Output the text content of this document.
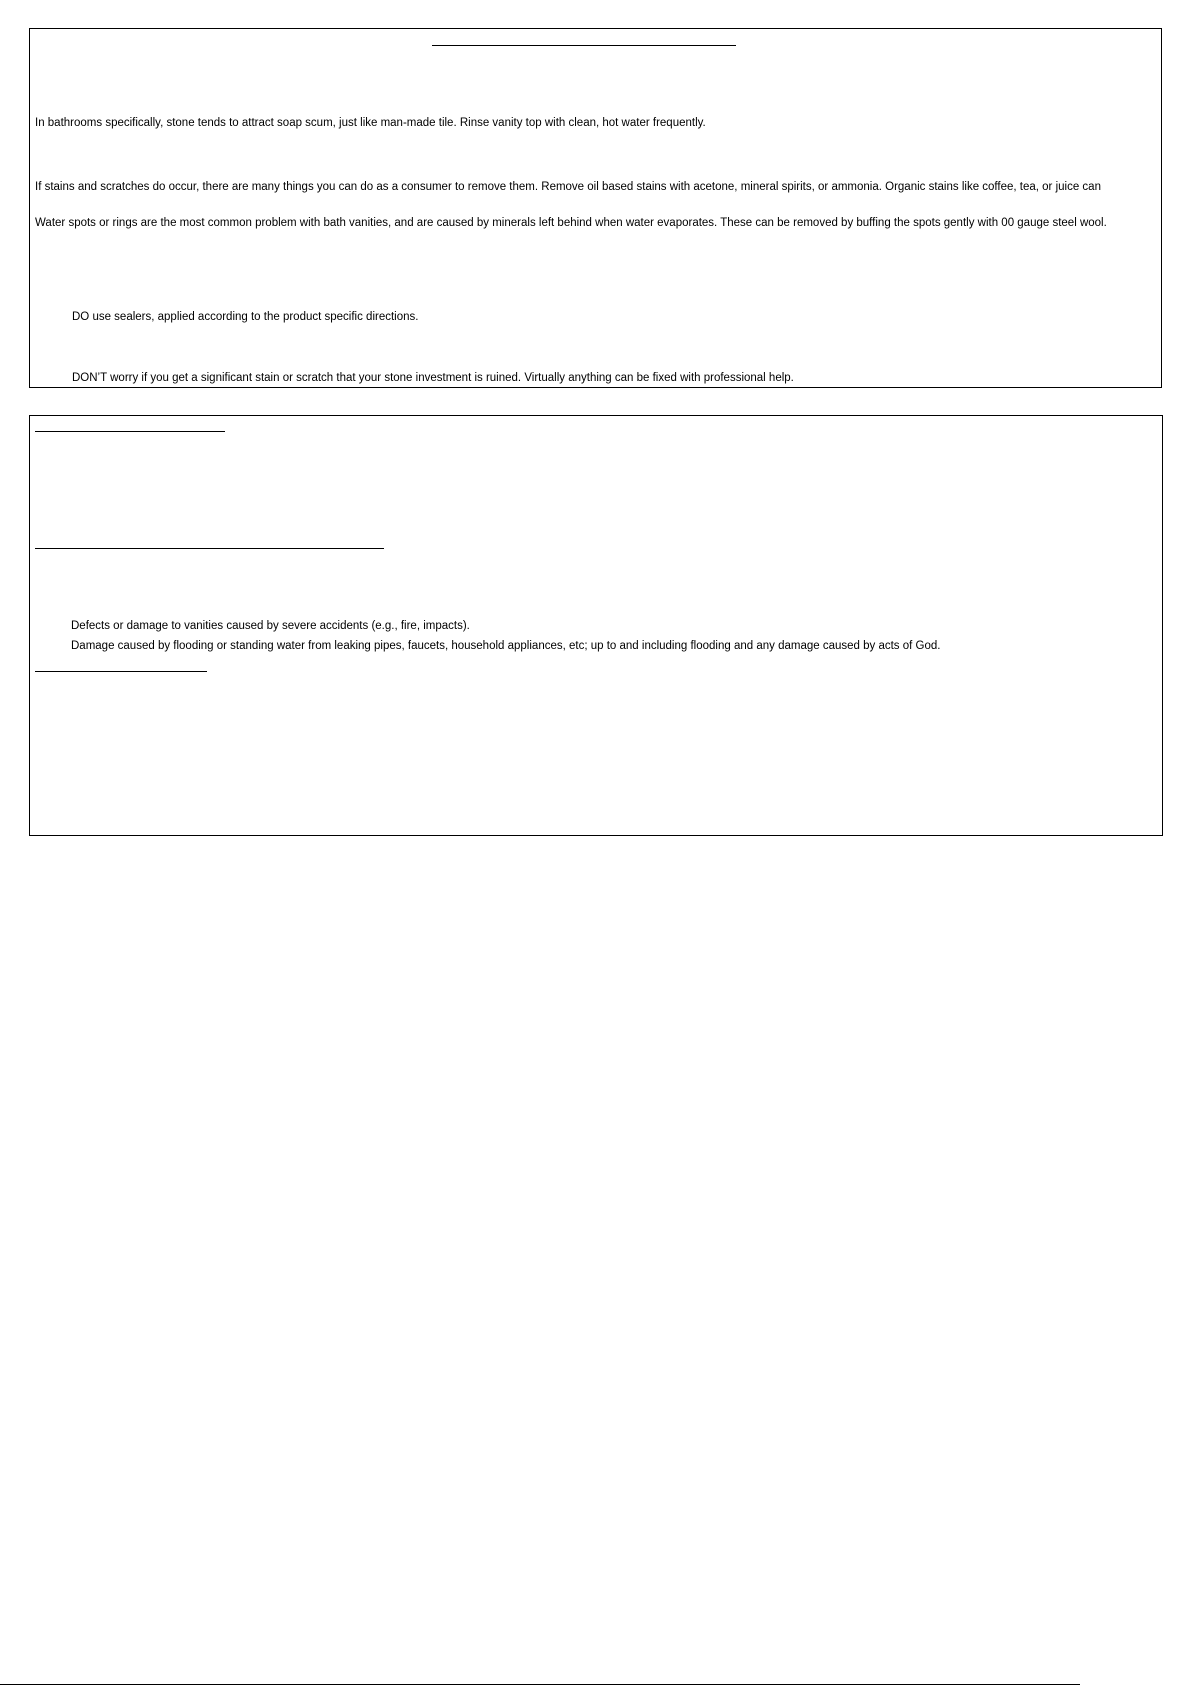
In bathrooms specifically, stone tends to attract soap scum, just like man-made tile. Rinse vanity top with clean, hot water frequently.
If stains and scratches do occur, there are many things you can do as a consumer to remove them. Remove oil based stains with acetone, mineral spirits, or ammonia. Organic stains like coffee, tea, or juice can
Water spots or rings are the most common problem with bath vanities, and are caused by minerals left behind when water evaporates. These can be removed by buffing the spots gently with 00 gauge steel wool.
DO use sealers, applied according to the product specific directions.
DON’T worry if you get a significant stain or scratch that your stone investment is ruined. Virtually anything can be fixed with professional help.
Defects or damage to vanities caused by severe accidents (e.g., fire, impacts).
Damage caused by flooding or standing water from leaking pipes, faucets, household appliances, etc; up to and including flooding and any damage caused by acts of God.
